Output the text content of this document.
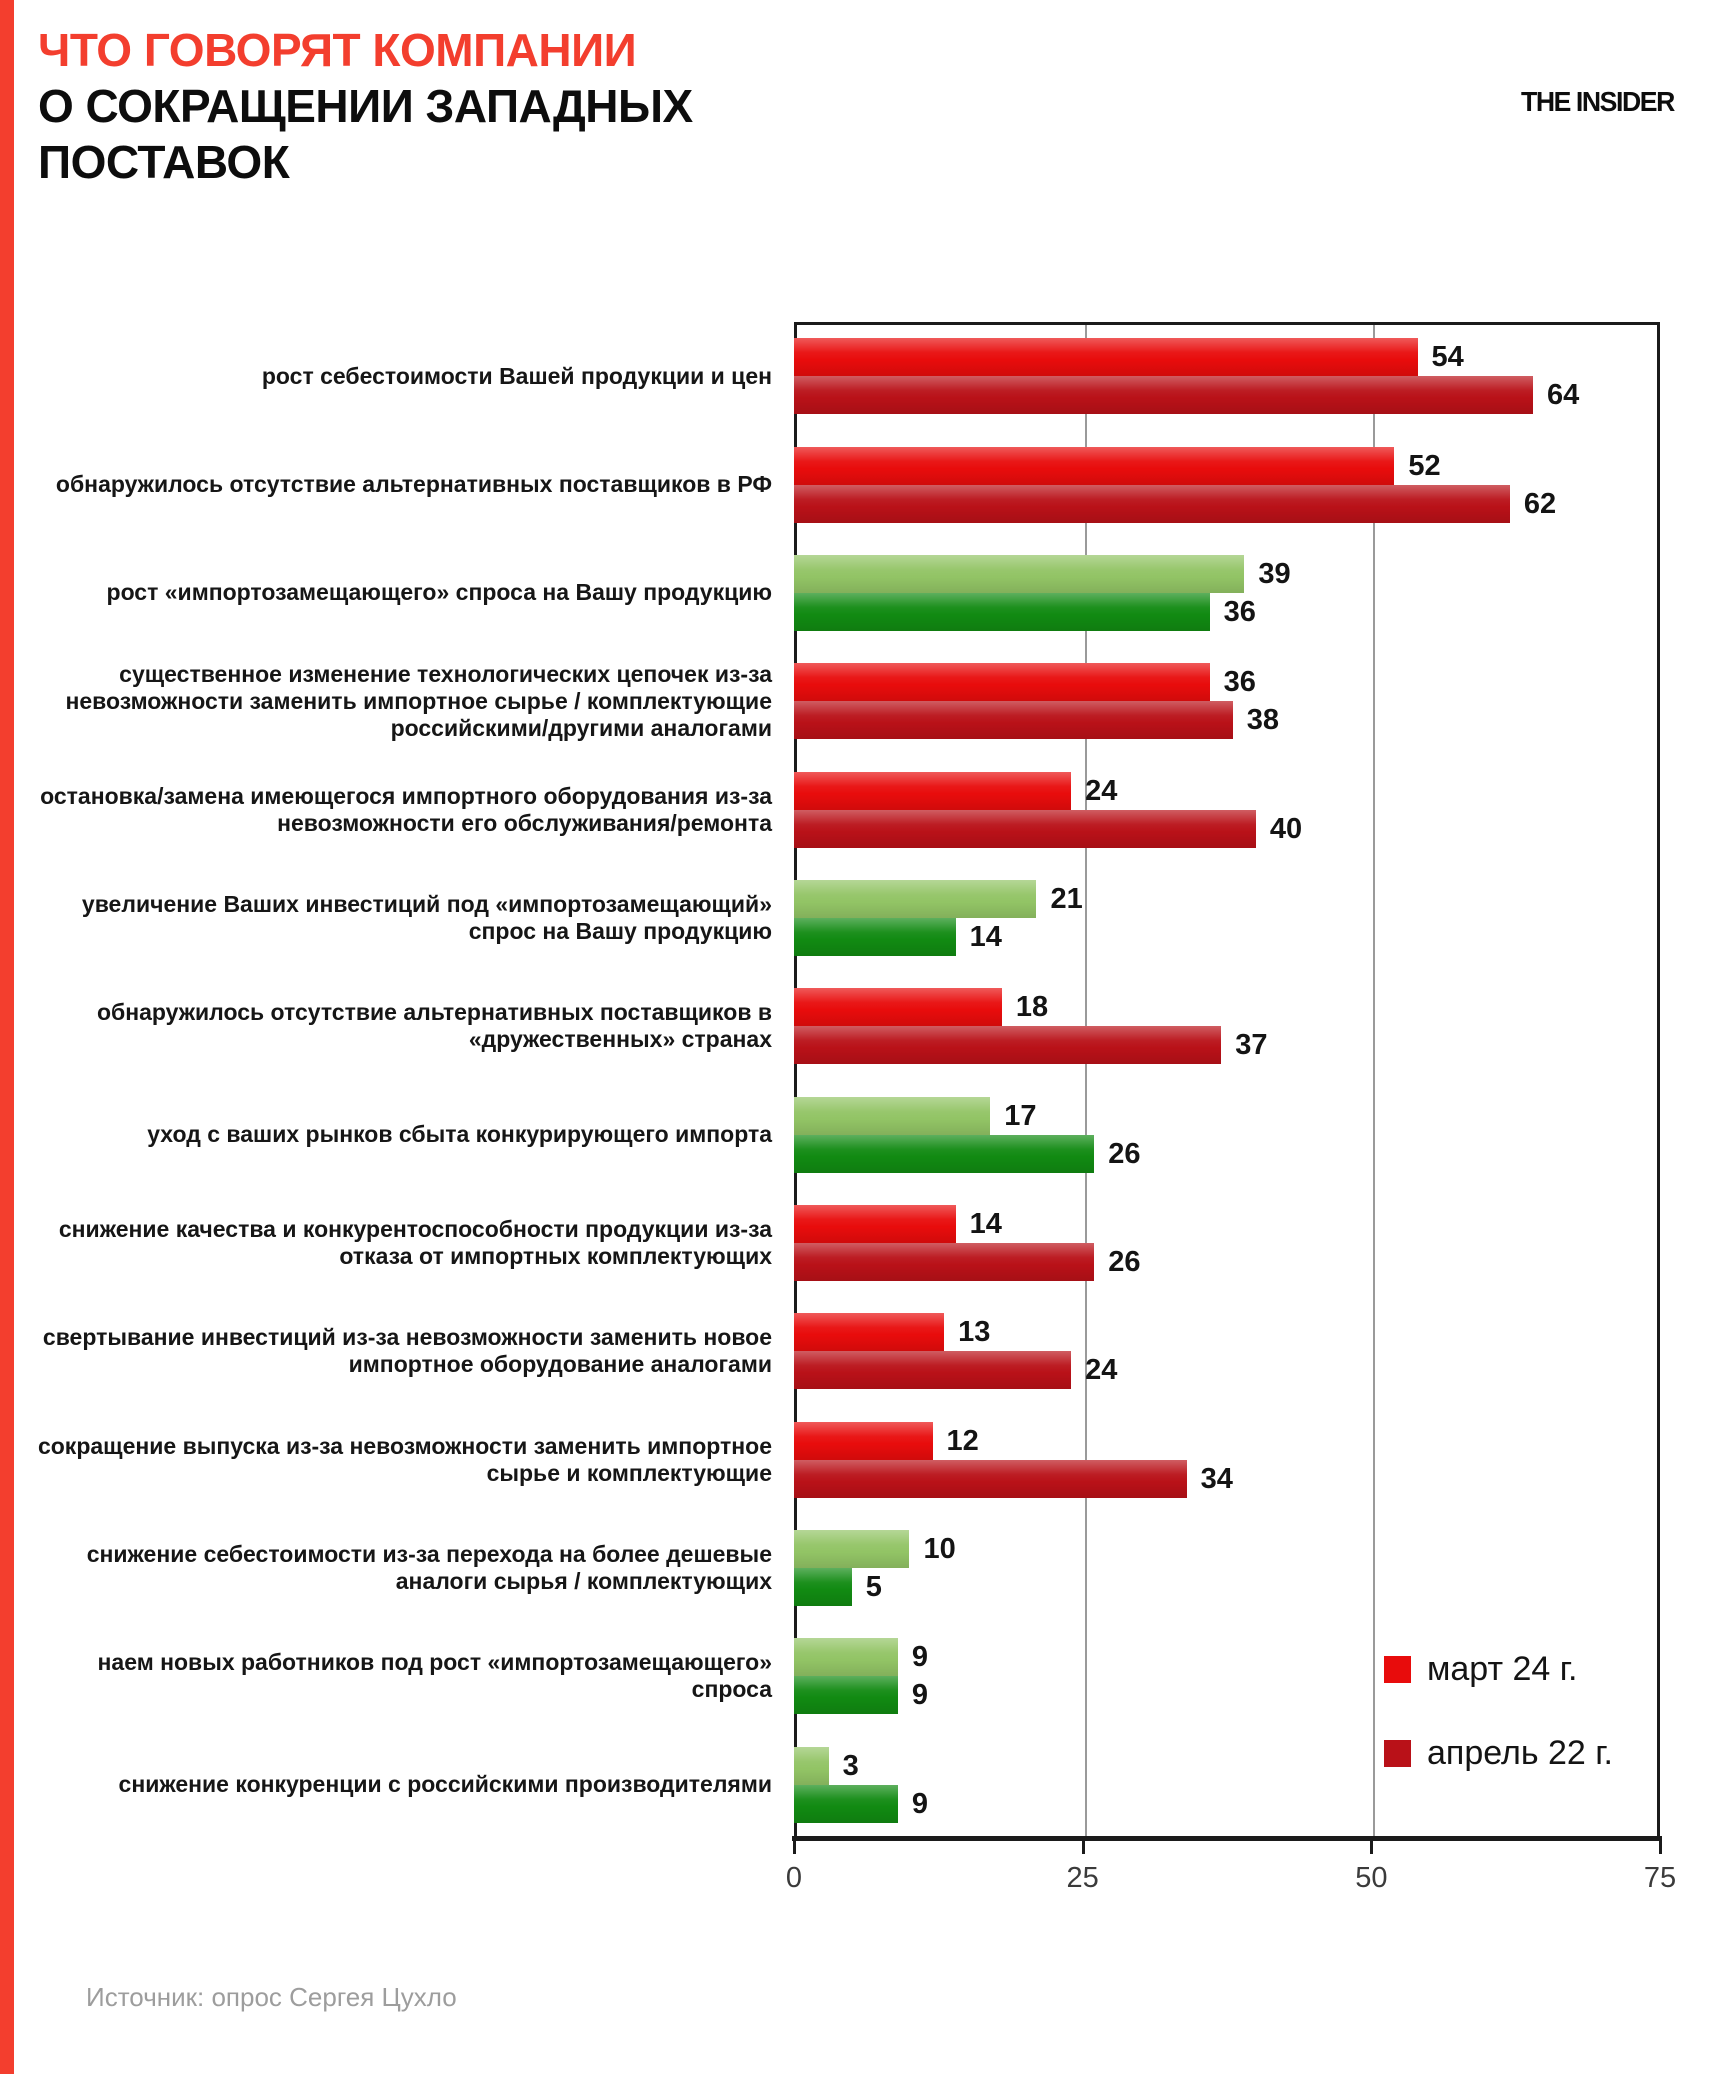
ЧТО ГОВОРЯТ КОМПАНИИ
О СОКРАЩЕНИИ ЗАПАДНЫХ
ПОСТАВОК
THE INSIDER
0	25	50	75
рост себестоимости Вашей продукции и цен
54
64
обнаружилось отсутствие альтернативных поставщиков в РФ
52
62
рост «импортозамещающего» спроса на Вашу продукцию
39
36
существенное изменение технологических цепочек из-за невозможности заменить импортное сырье / комплектующие российскими/другими аналогами
36
38
остановка/замена имеющегося импортного оборудования из-за невозможности его обслуживания/ремонта
24
40
увеличение Ваших инвестиций под «импортозамещающий» спрос на Вашу продукцию
21
14
обнаружилось отсутствие альтернативных поставщиков в «дружественных» странах
18
37
уход с ваших рынков сбыта конкурирующего импорта
17
26
снижение качества и конкурентоспособности продукции из-за отказа от импортных комплектующих
14
26
свертывание инвестиций из-за невозможности заменить новое импортное оборудование аналогами
13
24
сокращение выпуска из-за невозможности заменить импортное сырье и комплектующие
12
34
снижение себестоимости из-за перехода на более дешевые аналоги сырья / комплектующих
10
5
наем новых работников под рост «импортозамещающего» спроса
9
9
снижение конкуренции с российскими производителями
3
9
март 24 г.
апрель 22 г.
Источник: опрос Сергея Цухло
